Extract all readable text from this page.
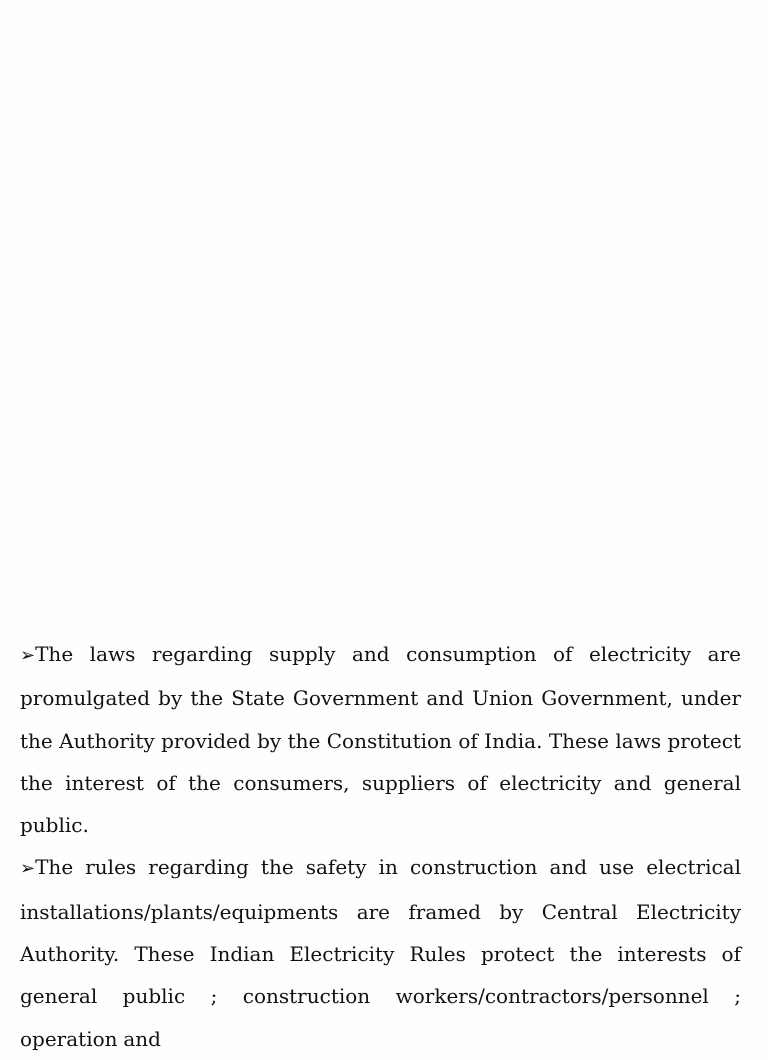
➢The laws regarding supply and consumption of electricity are promulgated by the State Government and Union Government, under the Authority provided by the Constitution of India. These laws protect the interest of the consumers, suppliers of electricity and general public.

➢The rules regarding the safety in construction and use electrical installations/plants/equipments are framed by Central Electricity Authority. These Indian Electricity Rules protect the interests of general public ; construction workers/contractors/personnel ; operation and
